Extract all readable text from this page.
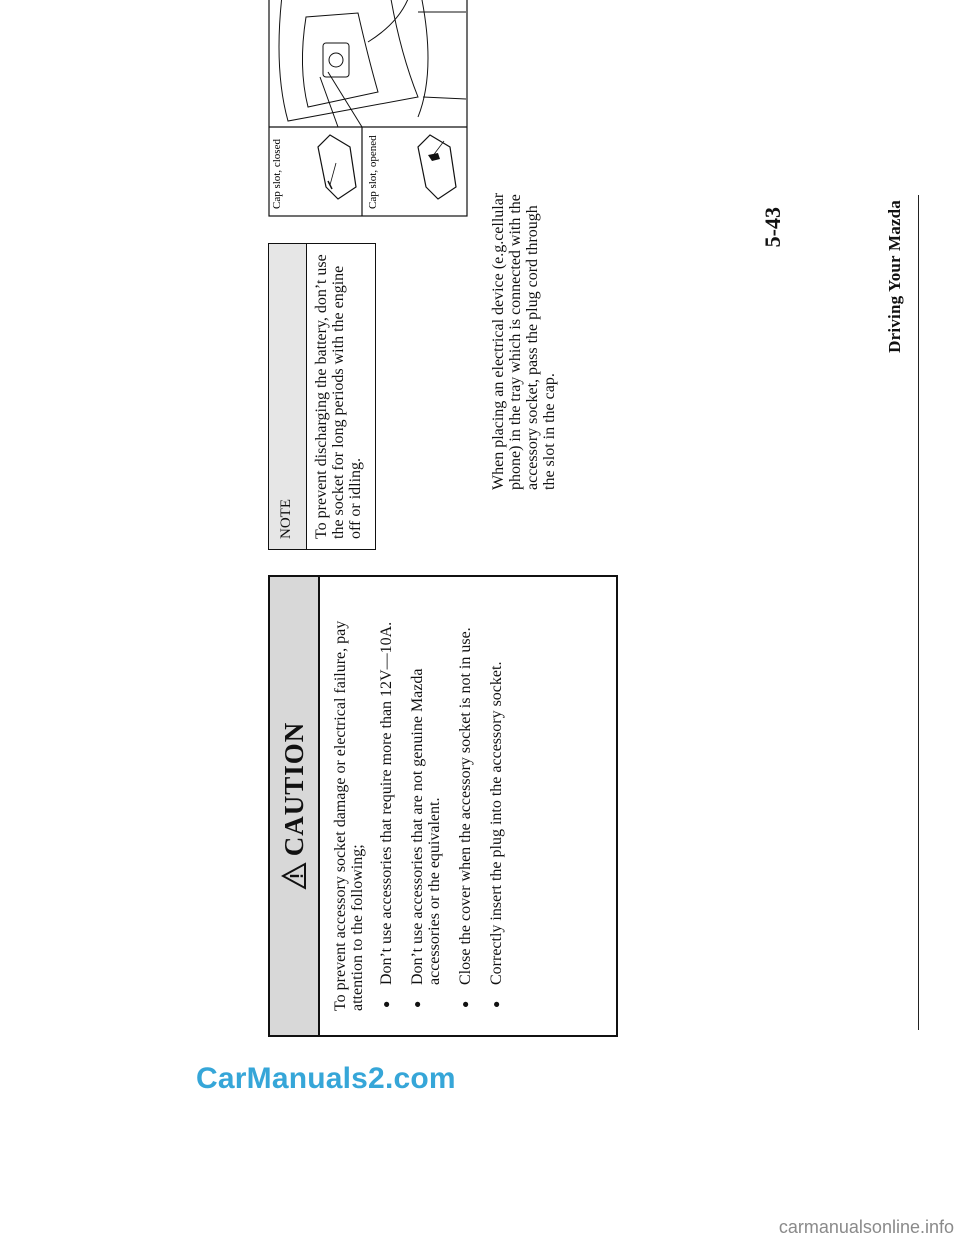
Driving Your Mazda
5-43
CAUTION To prevent accessory socket damage or electrical failure, pay attention to the following; ● Don’t use accessories that require more than 12V—10A. ● Don’t use accessories that are not genuine Mazda accessories or the equivalent. ● Close the cover when the accessory socket is not in use. ● Correctly insert the plug into the accessory socket.
NOTE	To prevent discharging the battery, don’t use the socket for long periods with the engine off or idling.
Cap slot, closed	Cap slot, opened
When placing an electrical device (e.g.cellular phone) in the tray which is connected with the accessory socket, pass the plug cord through the slot in the cap.
CarManuals2.com
carmanualsonline.info
